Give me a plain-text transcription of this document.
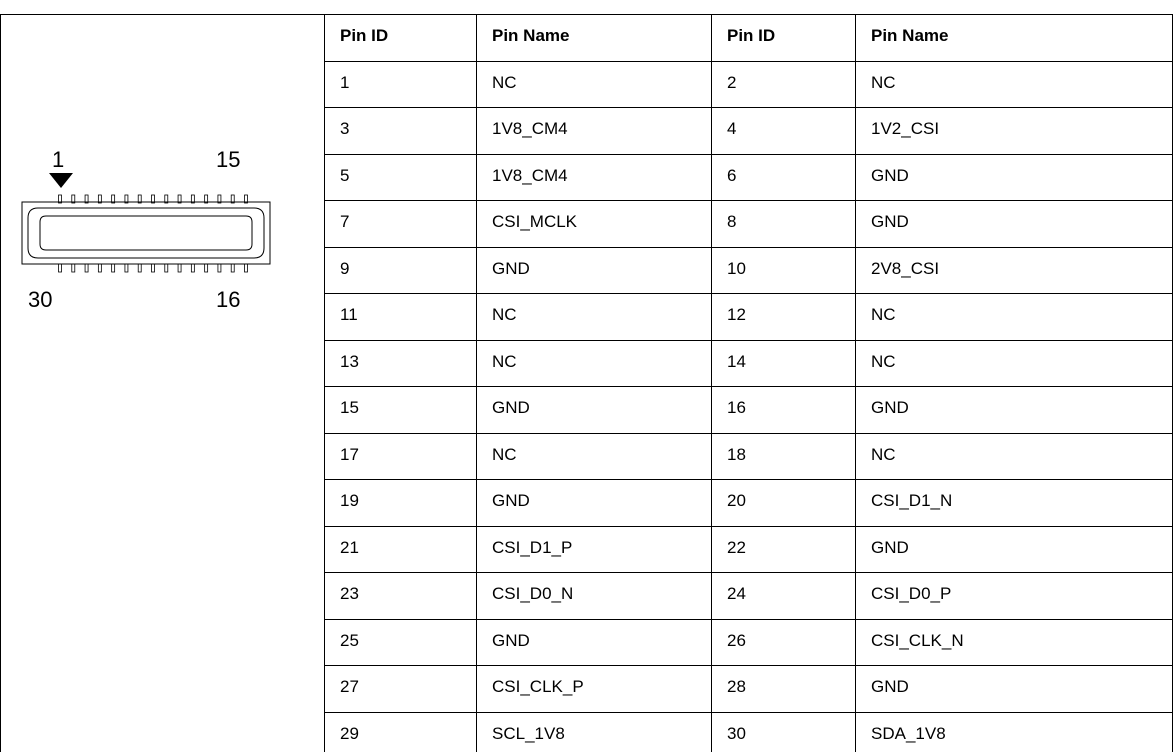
1	15
30	16
Pin ID	Pin Name	Pin ID	Pin Name
1	NC	2	NC
3	1V8_CM4	4	1V2_CSI
5	1V8_CM4	6	GND
7	CSI_MCLK	8	GND
9	GND	10	2V8_CSI
11	NC	12	NC
13	NC	14	NC
15	GND	16	GND
17	NC	18	NC
19	GND	20	CSI_D1_N
21	CSI_D1_P	22	GND
23	CSI_D0_N	24	CSI_D0_P
25	GND	26	CSI_CLK_N
27	CSI_CLK_P	28	GND
29	SCL_1V8	30	SDA_1V8
